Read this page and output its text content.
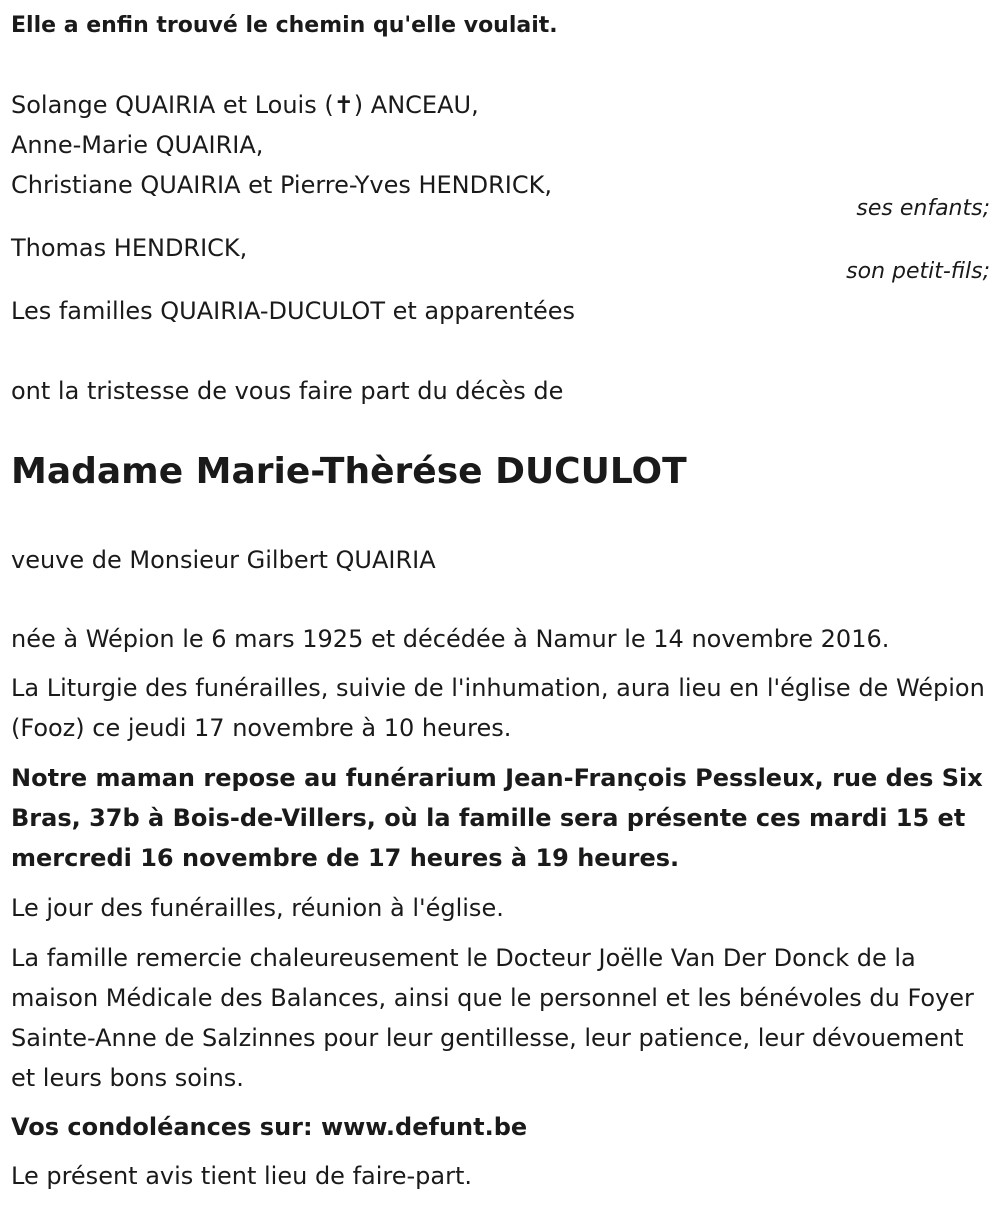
Elle a enfin trouvé le chemin qu'elle voulait.
Solange QUAIRIA et Louis (✝) ANCEAU,
Anne-Marie QUAIRIA,
Christiane QUAIRIA et Pierre-Yves HENDRICK,
ses enfants;
Thomas HENDRICK,
son petit-fils;
Les familles QUAIRIA-DUCULOT et apparentées
ont la tristesse de vous faire part du décès de
Madame Marie-Thèrése DUCULOT
veuve de Monsieur Gilbert QUAIRIA
née à Wépion le 6 mars 1925 et décédée à Namur le 14 novembre 2016.
La Liturgie des funérailles, suivie de l'inhumation, aura lieu en l'église de Wépion (Fooz) ce jeudi 17 novembre à 10 heures.
Notre maman repose au funérarium Jean-François Pessleux, rue des Six Bras, 37b à Bois-de-Villers, où la famille sera présente ces mardi 15 et mercredi 16 novembre de 17 heures à 19 heures.
Le jour des funérailles, réunion à l'église.
La famille remercie chaleureusement le Docteur Joëlle Van Der Donck de la maison Médicale des Balances, ainsi que le personnel et les bénévoles du Foyer Sainte-Anne de Salzinnes pour leur gentillesse, leur patience, leur dévouement et leurs bons soins.
Vos condoléances sur: www.defunt.be
Le présent avis tient lieu de faire-part.
